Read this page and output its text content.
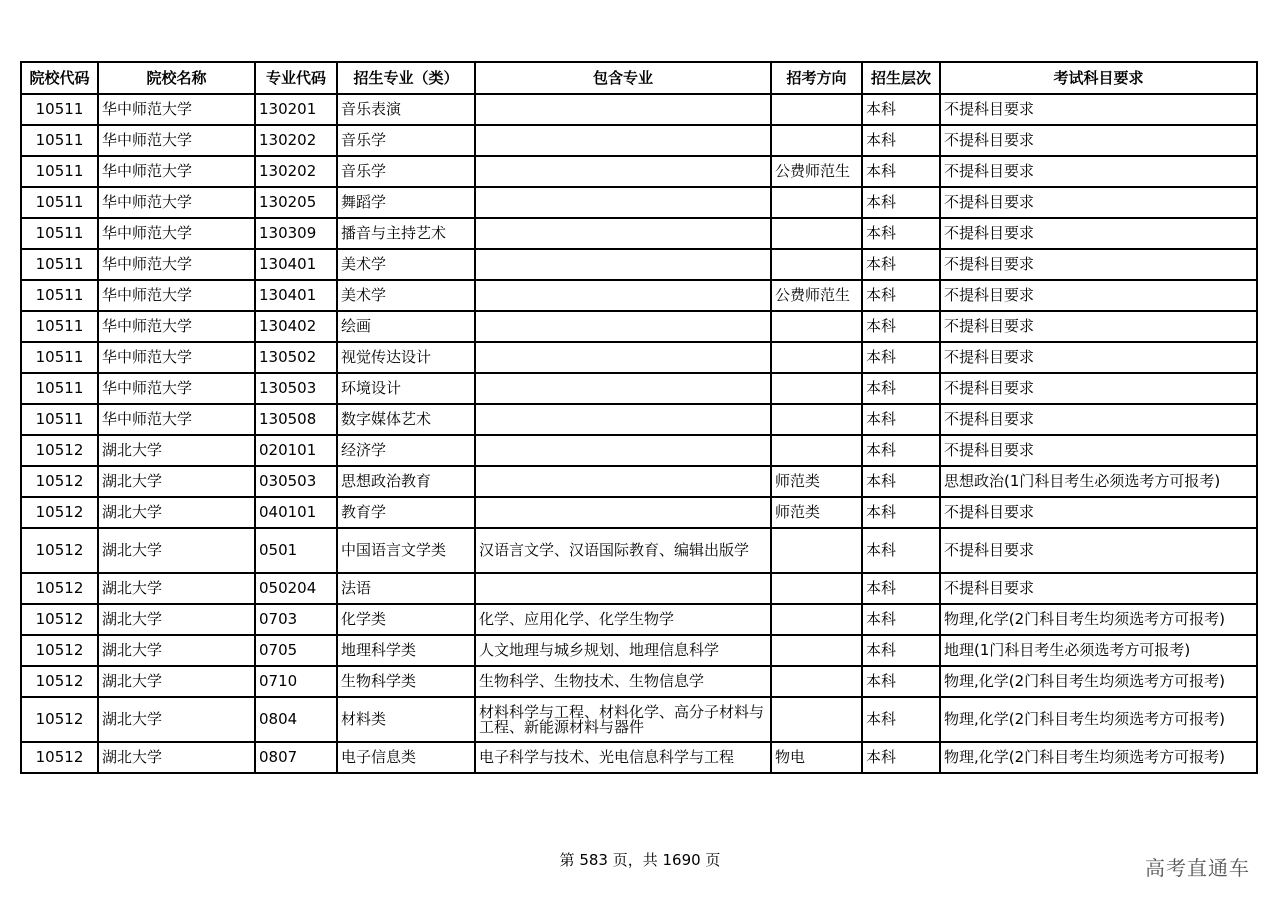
院校代码	院校名称	专业代码	招生专业（类）	包含专业	招考方向	招生层次	考试科目要求
10511	华中师范大学	130201	音乐表演			本科	不提科目要求
10511	华中师范大学	130202	音乐学			本科	不提科目要求
10511	华中师范大学	130202	音乐学		公费师范生	本科	不提科目要求
10511	华中师范大学	130205	舞蹈学			本科	不提科目要求
10511	华中师范大学	130309	播音与主持艺术			本科	不提科目要求
10511	华中师范大学	130401	美术学			本科	不提科目要求
10511	华中师范大学	130401	美术学		公费师范生	本科	不提科目要求
10511	华中师范大学	130402	绘画			本科	不提科目要求
10511	华中师范大学	130502	视觉传达设计			本科	不提科目要求
10511	华中师范大学	130503	环境设计			本科	不提科目要求
10511	华中师范大学	130508	数字媒体艺术			本科	不提科目要求
10512	湖北大学	020101	经济学			本科	不提科目要求
10512	湖北大学	030503	思想政治教育		师范类	本科	思想政治(1门科目考生必须选考方可报考)
10512	湖北大学	040101	教育学		师范类	本科	不提科目要求
10512	湖北大学	0501	中国语言文学类	汉语言文学、汉语国际教育、编辑出版学		本科	不提科目要求
10512	湖北大学	050204	法语			本科	不提科目要求
10512	湖北大学	0703	化学类	化学、应用化学、化学生物学		本科	物理,化学(2门科目考生均须选考方可报考)
10512	湖北大学	0705	地理科学类	人文地理与城乡规划、地理信息科学		本科	地理(1门科目考生必须选考方可报考)
10512	湖北大学	0710	生物科学类	生物科学、生物技术、生物信息学		本科	物理,化学(2门科目考生均须选考方可报考)
10512	湖北大学	0804	材料类	材料科学与工程、材料化学、高分子材料与工程、新能源材料与器件		本科	物理,化学(2门科目考生均须选考方可报考)
10512	湖北大学	0807	电子信息类	电子科学与技术、光电信息科学与工程	物电	本科	物理,化学(2门科目考生均须选考方可报考)
第 583 页，共 1690 页	高考直通车
